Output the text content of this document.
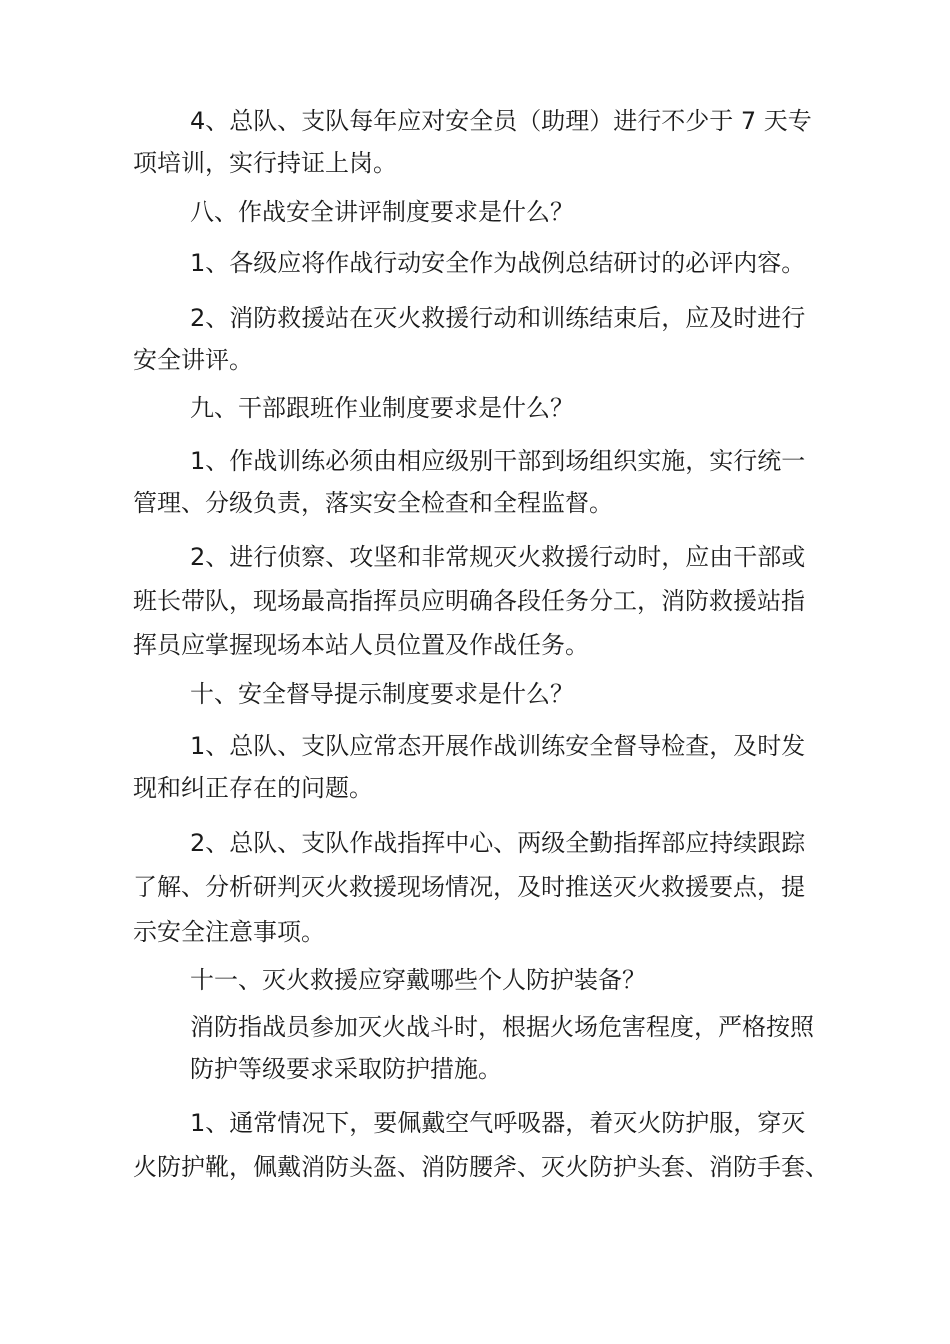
4、总队、支队每年应对安全员（助理）进行不少于 7 天专
项培训，实行持证上岗。
八、作战安全讲评制度要求是什么？
1、各级应将作战行动安全作为战例总结研讨的必评内容。
2、消防救援站在灭火救援行动和训练结束后，应及时进行
安全讲评。
九、干部跟班作业制度要求是什么？
1、作战训练必须由相应级别干部到场组织实施，实行统一
管理、分级负责，落实安全检查和全程监督。
2、进行侦察、攻坚和非常规灭火救援行动时，应由干部或
班长带队，现场最高指挥员应明确各段任务分工，消防救援站指
挥员应掌握现场本站人员位置及作战任务。
十、安全督导提示制度要求是什么？
1、总队、支队应常态开展作战训练安全督导检查，及时发
现和纠正存在的问题。
2、总队、支队作战指挥中心、两级全勤指挥部应持续跟踪
了解、分析研判灭火救援现场情况，及时推送灭火救援要点，提
示安全注意事项。
十一、灭火救援应穿戴哪些个人防护装备？
消防指战员参加灭火战斗时，根据火场危害程度，严格按照
防护等级要求采取防护措施。
1、通常情况下，要佩戴空气呼吸器，着灭火防护服，穿灭
火防护靴，佩戴消防头盔、消防腰斧、灭火防护头套、消防手套、
